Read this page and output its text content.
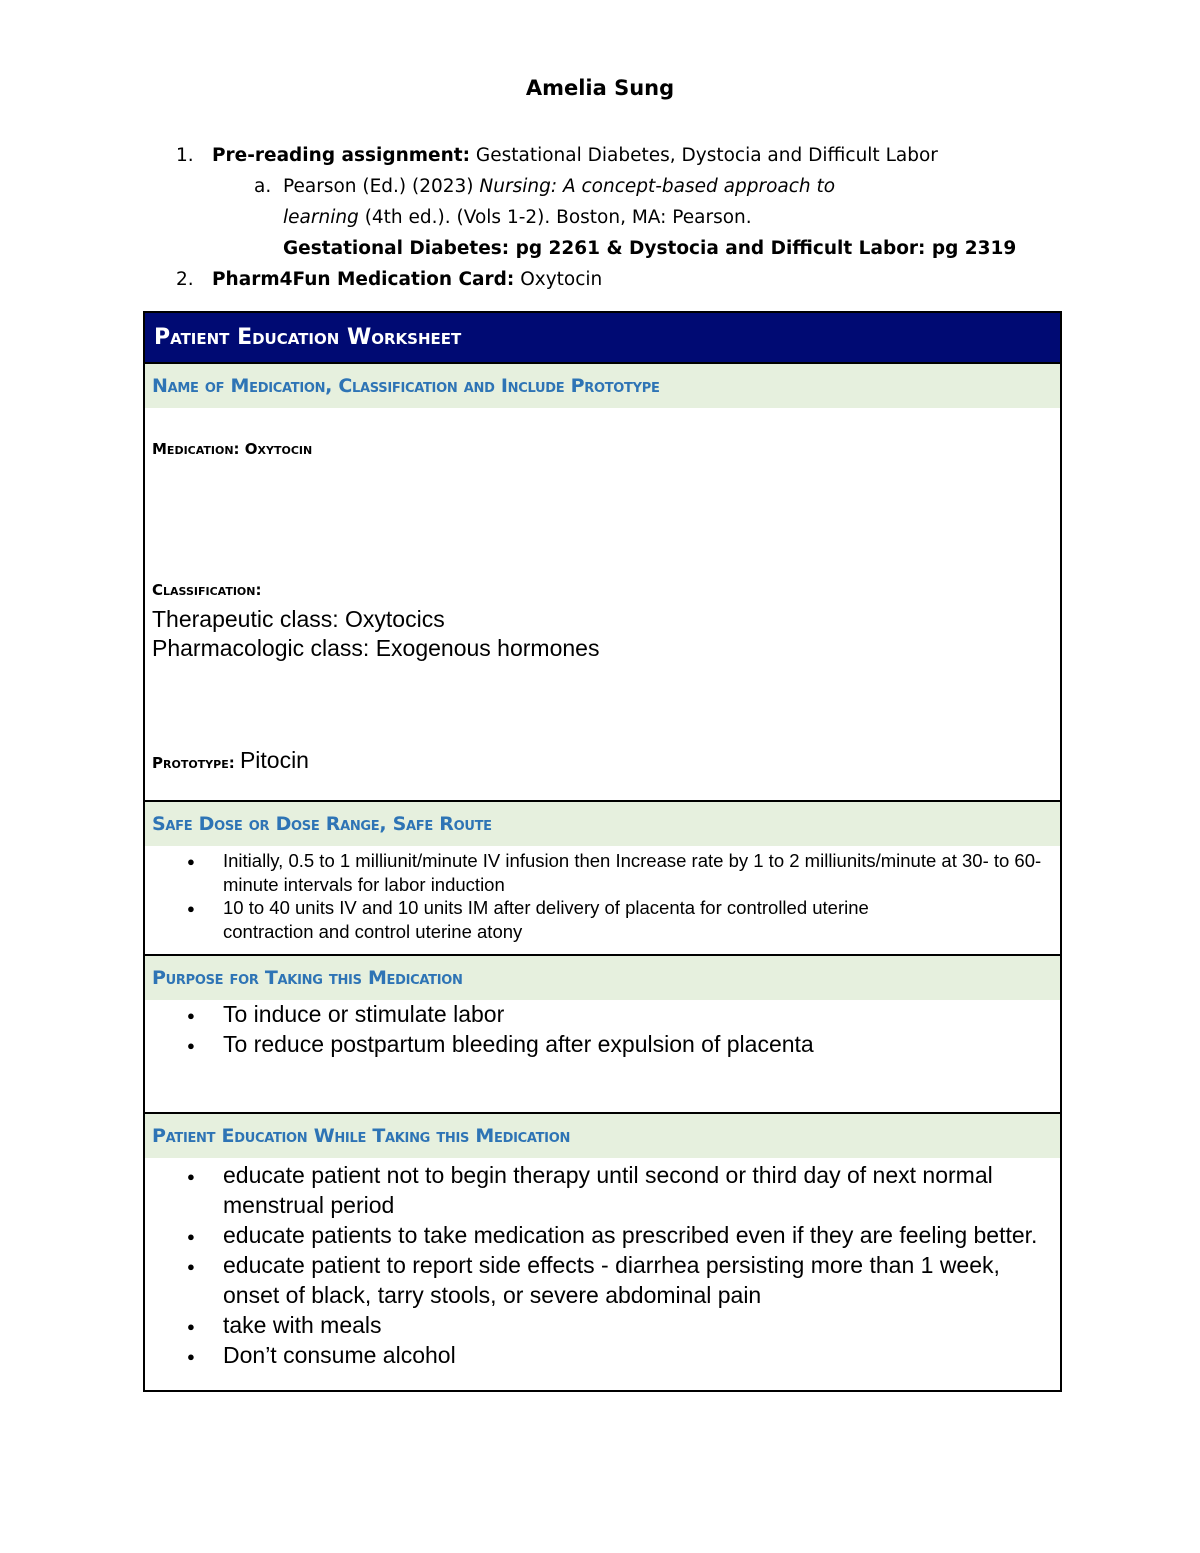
Amelia Sung
1. Pre-reading assignment: Gestational Diabetes, Dystocia and Difficult Labor
a. Pearson (Ed.) (2023) Nursing: A concept-based approach to
learning (4th ed.). (Vols 1-2). Boston, MA: Pearson.
Gestational Diabetes: pg 2261 & Dystocia and Difficult Labor: pg 2319
2. Pharm4Fun Medication Card: Oxytocin
Patient Education Worksheet
Name of Medication, Classification and Include Prototype
Medication: Oxytocin
Classification:
Therapeutic class: Oxytocics
Pharmacologic class: Exogenous hormones
Prototype: Pitocin
Safe Dose or Dose Range, Safe Route
● Initially, 0.5 to 1 milliunit/minute IV infusion then Increase rate by 1 to 2 milliunits/minute at 30- to 60-minute intervals for labor induction
● 10 to 40 units IV and 10 units IM after delivery of placenta for controlled uterine contraction and control uterine atony
Purpose for Taking this Medication
● To induce or stimulate labor
● To reduce postpartum bleeding after expulsion of placenta
Patient Education While Taking this Medication
● educate patient not to begin therapy until second or third day of next normal menstrual period
● educate patients to take medication as prescribed even if they are feeling better.
● educate patient to report side effects - diarrhea persisting more than 1 week, onset of black, tarry stools, or severe abdominal pain
● take with meals
● Don’t consume alcohol
